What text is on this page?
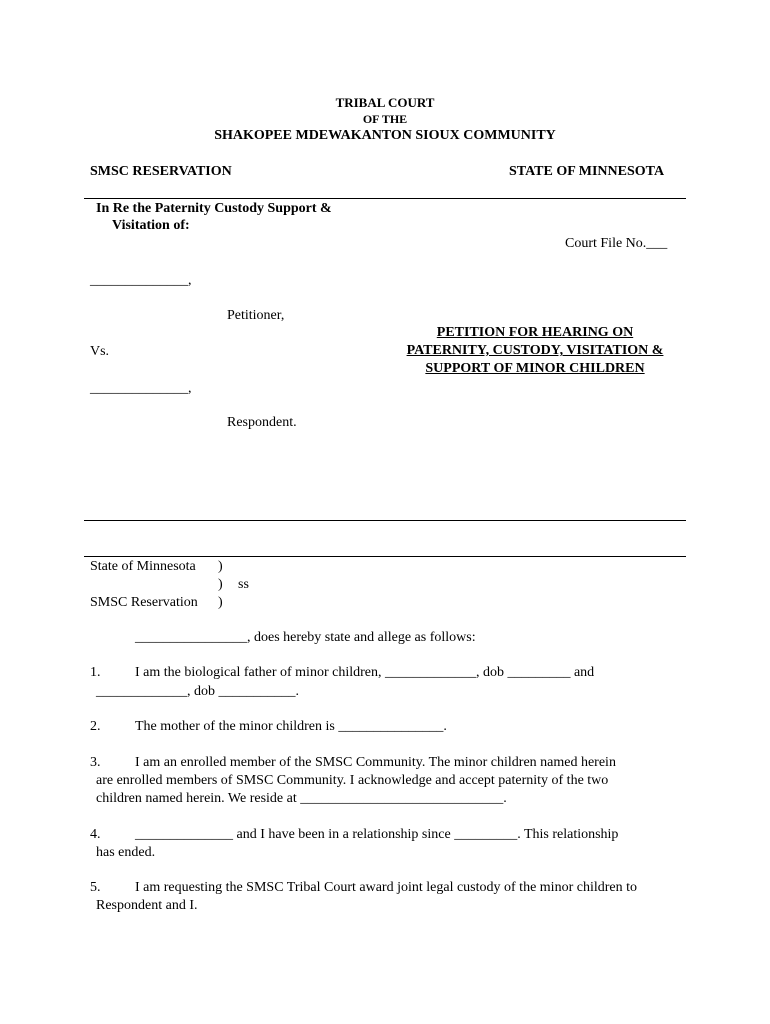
TRIBAL COURT
OF THE
SHAKOPEE MDEWAKANTON SIOUX COMMUNITY
SMSC RESERVATION	STATE OF MINNESOTA
In Re the Paternity Custody Support &
Visitation of:
Court File No.___
______________,
Petitioner,
Vs.
PETITION FOR HEARING ON
PATERNITY, CUSTODY, VISITATION &
SUPPORT OF MINOR CHILDREN
______________,
Respondent.
State of Minnesota )
) ss
SMSC Reservation )
________________, does hereby state and allege as follows:
1. I am the biological father of minor children, _____________, dob _________ and
_____________, dob ___________.
2. The mother of the minor children is _______________.
3. I am an enrolled member of the SMSC Community. The minor children named herein
are enrolled members of SMSC Community. I acknowledge and accept paternity of the two
children named herein. We reside at _____________________________.
4. ______________ and I have been in a relationship since _________. This relationship
has ended.
5. I am requesting the SMSC Tribal Court award joint legal custody of the minor children to
Respondent and I.
